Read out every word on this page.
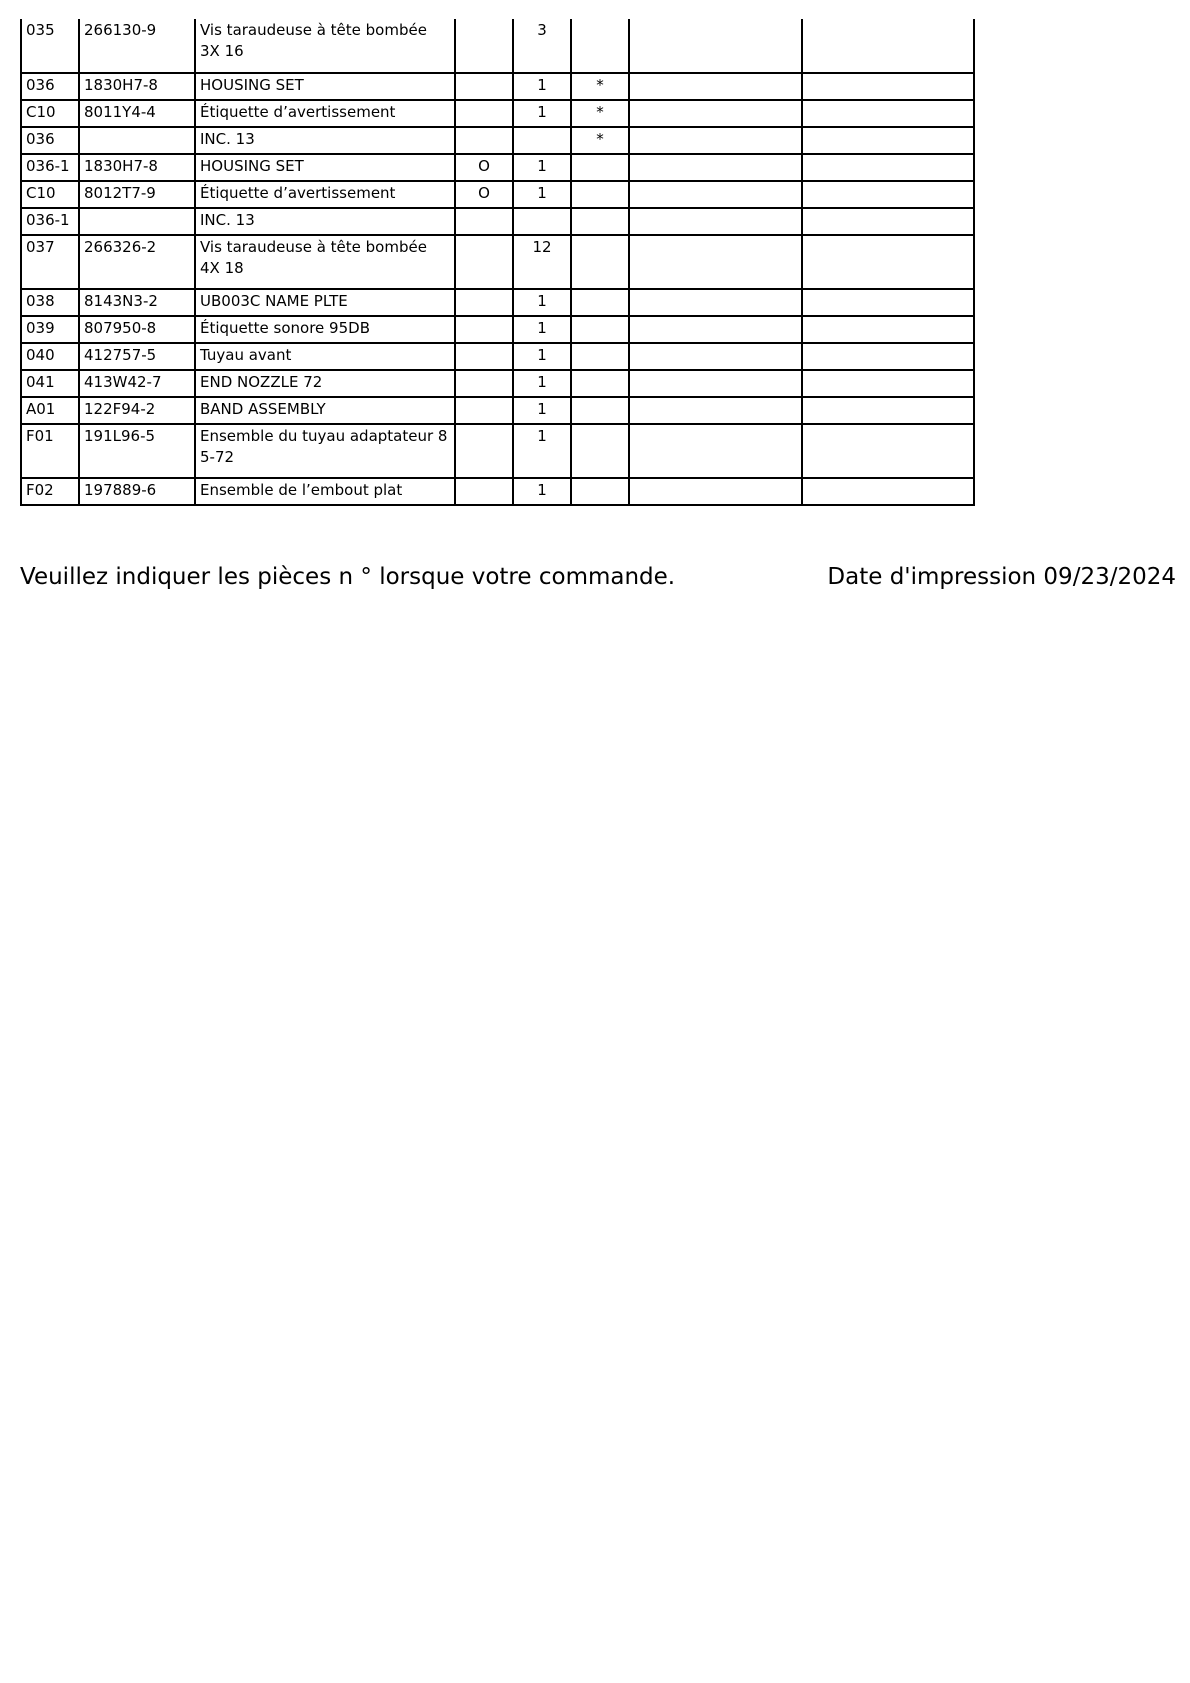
035	266130-9	Vis taraudeuse à tête bombée 3X 16		3			

036	1830H7-8	HOUSING SET		1	*		

C10	8011Y4-4	Étiquette d’avertissement		1	*		

036		INC. 13			*		

036-1	1830H7-8	HOUSING SET	O	1			

C10	8012T7-9	Étiquette d’avertissement	O	1			

036-1		INC. 13					

037	266326-2	Vis taraudeuse à tête bombée 4X 18		12			

038	8143N3-2	UB003C NAME PLTE		1			

039	807950-8	Étiquette sonore 95DB		1			

040	412757-5	Tuyau avant		1			

041	413W42-7	END NOZZLE 72		1			

A01	122F94-2	BAND ASSEMBLY		1			

F01	191L96-5	Ensemble du tuyau adaptateur 8 5-72		1			

F02	197889-6	Ensemble de l’embout plat		1			

Veuillez indiquer les pièces n ° lorsque votre commande.	Date d'impression 09/23/2024
